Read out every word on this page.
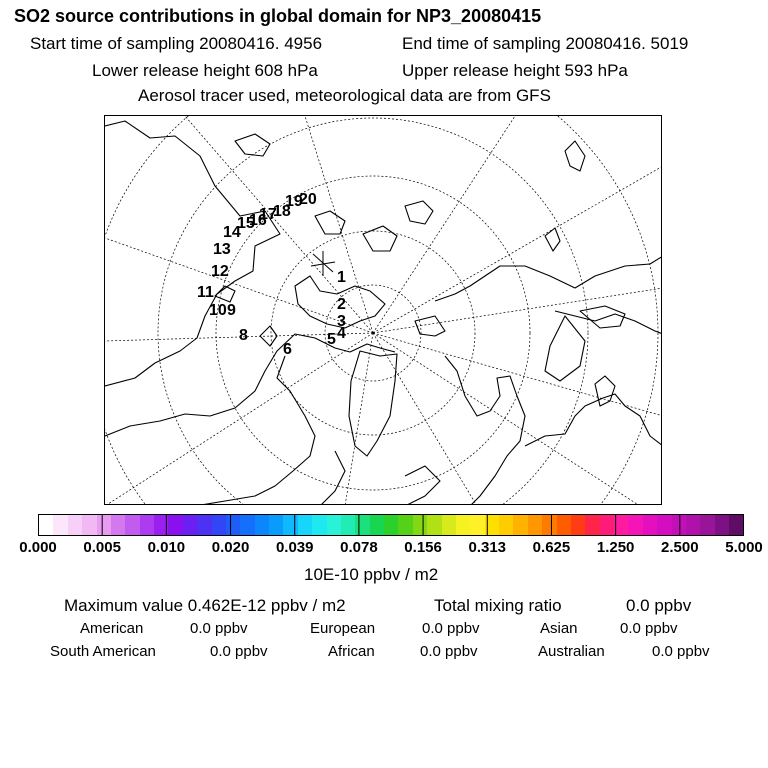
SO2 source contributions in global domain for NP3_20080415
Start time of sampling 20080416. 4956	End time of sampling 20080416. 5019
Lower release height 608 hPa	Upper release height 593 hPa
Aerosol tracer used, meteorological data are from GFS
1
2
3
4
5
6
8
9
10
11
12
13
14
15
16
17
18
19
20
0.000 0.005 0.010 0.020 0.039 0.078 0.156 0.313 0.625 1.250 2.500 5.000
10E-10 ppbv / m2
Maximum value 0.462E-12 ppbv / m2	Total mixing ratio	0.0 ppbv
American	0.0 ppbv	European	0.0 ppbv	Asian	0.0 ppbv
South American	0.0 ppbv	African	0.0 ppbv	Australian	0.0 ppbv
